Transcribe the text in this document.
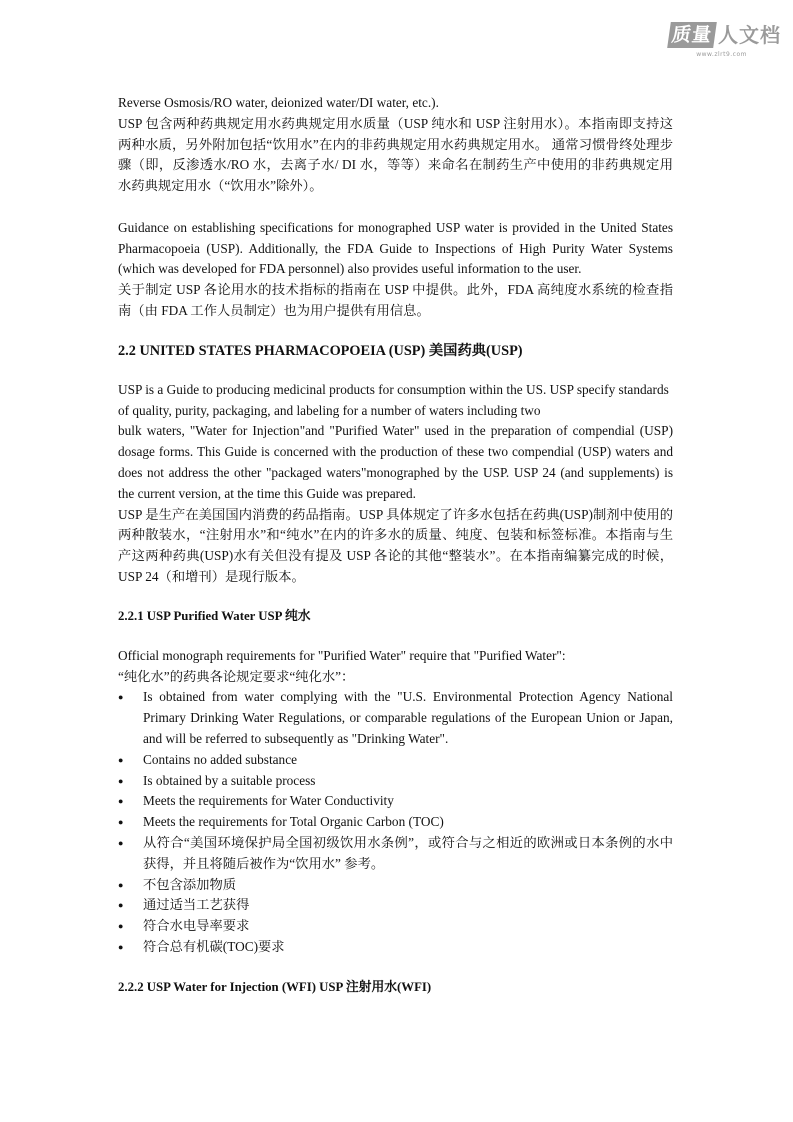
质量 人文档
www.zlrt9.com

Reverse Osmosis/RO water, deionized water/DI water, etc.).

USP 包含两种药典规定用水药典规定用水质量（USP 纯水和 USP 注射用水）。本指南即支持这两种水质，另外附加包括“饮用水”在内的非药典规定用水药典规定用水。 通常习惯骨终处理步骤（即，反渗透水/RO 水，去离子水/ DI 水，等等）来命名在制药生产中使用的非药典规定用水药典规定用水（“饮用水”除外）。

Guidance on establishing specifications for monographed USP water is provided in the United States Pharmacopoeia (USP). Additionally, the FDA Guide to Inspections of High Purity Water Systems (which was developed for FDA personnel) also provides useful information to the user.

关于制定 USP 各论用水的技术指标的指南在 USP 中提供。此外，FDA 高纯度水系统的检查指南（由 FDA 工作人员制定）也为用户提供有用信息。

2.2 UNITED STATES PHARMACOPOEIA (USP) 美国药典(USP)

USP is a Guide to producing medicinal products for consumption within the US. USP specify standards of quality, purity, packaging, and labeling for a number of waters including two

bulk waters, "Water for Injection"and "Purified Water" used in the preparation of compendial (USP) dosage forms. This Guide is concerned with the production of these two compendial (USP) waters and does not address the other "packaged waters"monographed by the USP. USP 24 (and supplements) is the current version, at the time this Guide was prepared.

USP 是生产在美国国内消费的药品指南。USP 具体规定了许多水包括在药典(USP)制剂中使用的两种散装水，“注射用水”和“纯水”在内的许多水的质量、纯度、包装和标签标准。本指南与生产这两种药典(USP)水有关但没有提及 USP 各论的其他“整装水”。在本指南编纂完成的时候，USP 24（和增刊）是现行版本。

2.2.1 USP Purified Water USP 纯水

Official monograph requirements for "Purified Water" require that "Purified Water":

“纯化水”的药典各论规定要求“纯化水”：

● Is obtained from water complying with the "U.S. Environmental Protection Agency National Primary Drinking Water Regulations, or comparable regulations of the European Union or Japan, and will be referred to subsequently as "Drinking Water".
● Contains no added substance
● Is obtained by a suitable process
● Meets the requirements for Water Conductivity
● Meets the requirements for Total Organic Carbon (TOC)
● 从符合“美国环境保护局全国初级饮用水条例”，或符合与之相近的欧洲或日本条例的水中获得，并且将随后被作为“饮用水” 参考。
● 不包含添加物质
● 通过适当工艺获得
● 符合水电导率要求
● 符合总有机碳(TOC)要求

2.2.2 USP Water for Injection (WFI) USP 注射用水(WFI)
